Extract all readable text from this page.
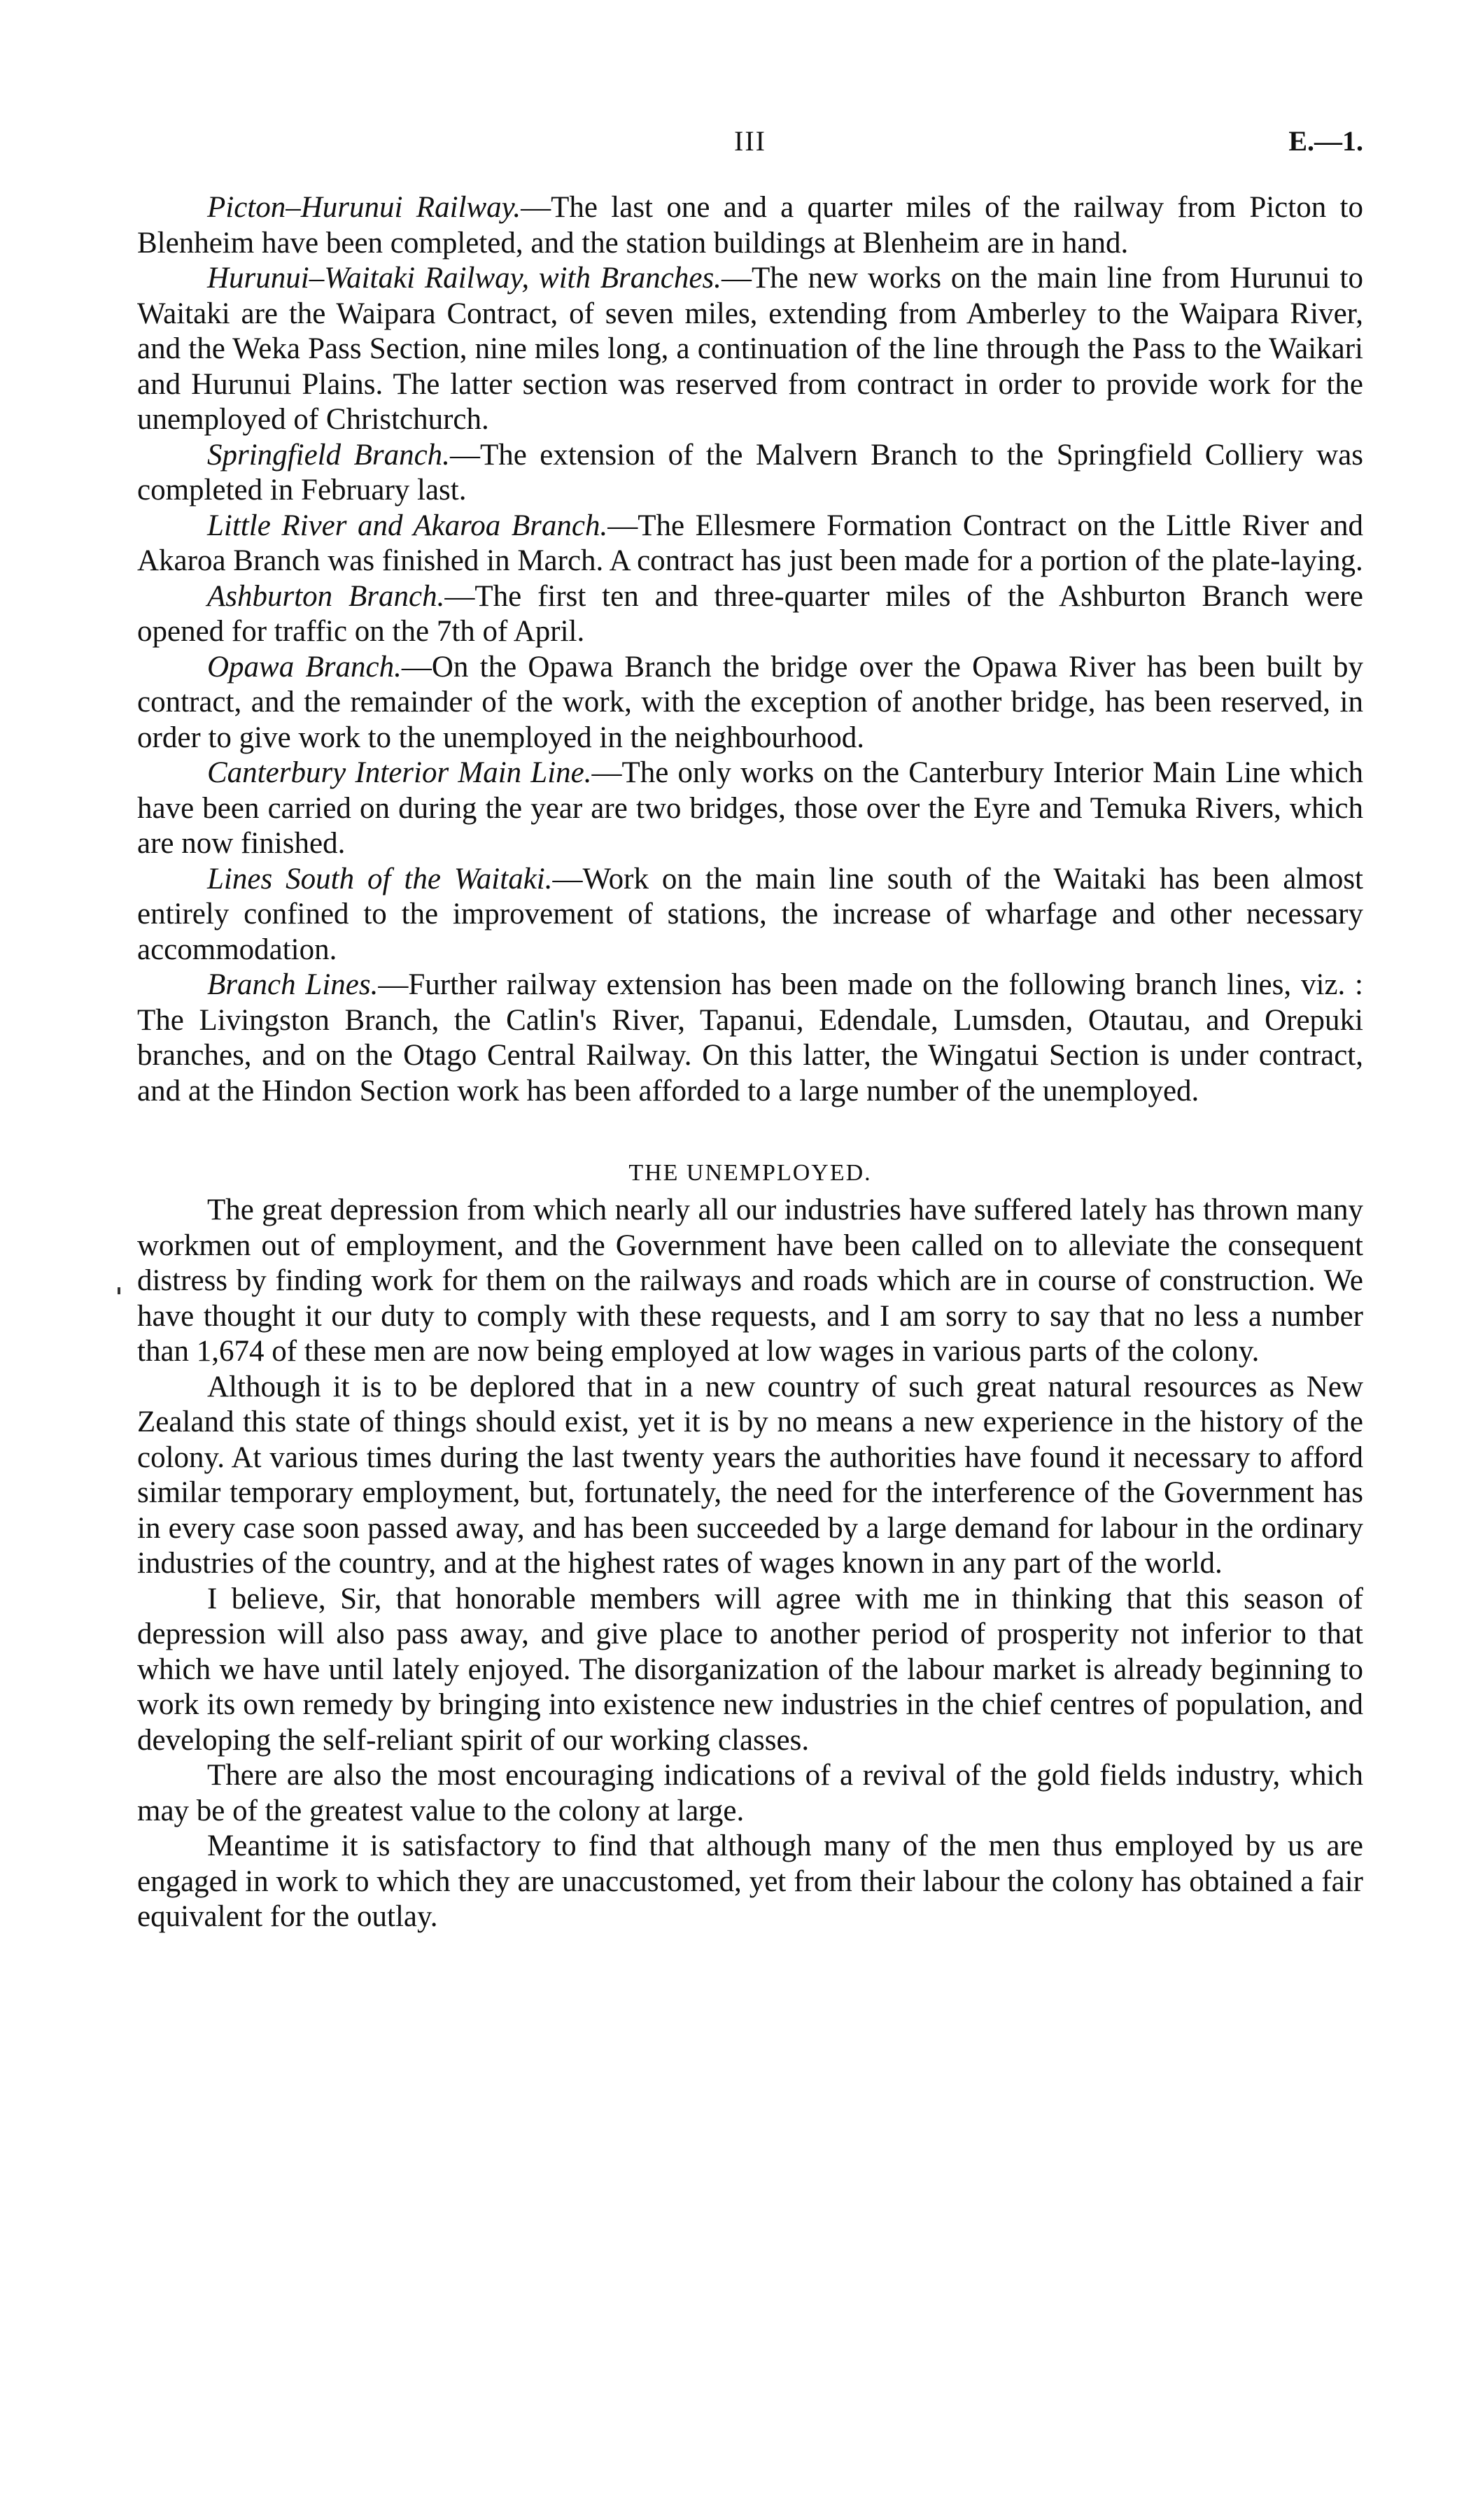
III	E.—1.

Picton–Hurunui Railway.—The last one and a quarter miles of the railway from Picton to Blenheim have been completed, and the station buildings at Blenheim are in hand.

Hurunui–Waitaki Railway, with Branches.—The new works on the main line from Hurunui to Waitaki are the Waipara Contract, of seven miles, extending from Amberley to the Waipara River, and the Weka Pass Section, nine miles long, a continuation of the line through the Pass to the Waikari and Hurunui Plains. The latter section was reserved from contract in order to provide work for the unemployed of Christchurch.

Springfield Branch.—The extension of the Malvern Branch to the Springfield Colliery was completed in February last.

Little River and Akaroa Branch.—The Ellesmere Formation Contract on the Little River and Akaroa Branch was finished in March. A contract has just been made for a portion of the plate-laying.

Ashburton Branch.—The first ten and three-quarter miles of the Ashburton Branch were opened for traffic on the 7th of April.

Opawa Branch.—On the Opawa Branch the bridge over the Opawa River has been built by contract, and the remainder of the work, with the exception of another bridge, has been reserved, in order to give work to the unemployed in the neighbourhood.

Canterbury Interior Main Line.—The only works on the Canterbury Interior Main Line which have been carried on during the year are two bridges, those over the Eyre and Temuka Rivers, which are now finished.

Lines South of the Waitaki.—Work on the main line south of the Waitaki has been almost entirely confined to the improvement of stations, the increase of wharfage and other necessary accommodation.

Branch Lines.—Further railway extension has been made on the following branch lines, viz. : The Livingston Branch, the Catlin's River, Tapanui, Edendale, Lumsden, Otautau, and Orepuki branches, and on the Otago Central Railway. On this latter, the Wingatui Section is under contract, and at the Hindon Section work has been afforded to a large number of the unemployed.

THE UNEMPLOYED.

The great depression from which nearly all our industries have suffered lately has thrown many workmen out of employment, and the Government have been called on to alleviate the consequent distress by finding work for them on the railways and roads which are in course of construction. We have thought it our duty to comply with these requests, and I am sorry to say that no less a number than 1,674 of these men are now being employed at low wages in various parts of the colony.

Although it is to be deplored that in a new country of such great natural resources as New Zealand this state of things should exist, yet it is by no means a new experience in the history of the colony. At various times during the last twenty years the authorities have found it necessary to afford similar temporary employment, but, fortunately, the need for the interference of the Government has in every case soon passed away, and has been succeeded by a large demand for labour in the ordinary industries of the country, and at the highest rates of wages known in any part of the world.

I believe, Sir, that honorable members will agree with me in thinking that this season of depression will also pass away, and give place to another period of prosperity not inferior to that which we have until lately enjoyed. The disorganization of the labour market is already beginning to work its own remedy by bringing into existence new industries in the chief centres of population, and developing the self-reliant spirit of our working classes.

There are also the most encouraging indications of a revival of the gold fields industry, which may be of the greatest value to the colony at large.

Meantime it is satisfactory to find that although many of the men thus employed by us are engaged in work to which they are unaccustomed, yet from their labour the colony has obtained a fair equivalent for the outlay.
